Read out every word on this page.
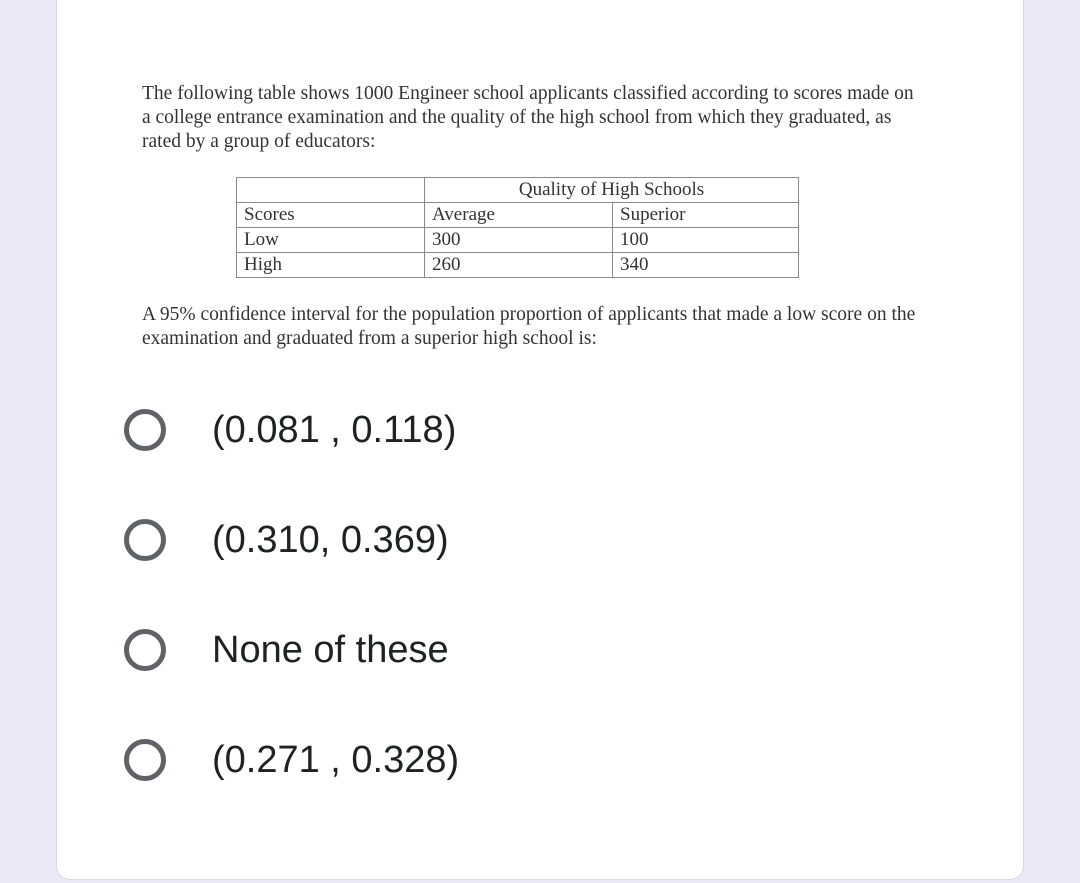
The following table shows 1000 Engineer school applicants classified according to scores made on a college entrance examination and the quality of the high school from which they graduated, as rated by a group of educators:

	Quality of High Schools	
Scores	Average	Superior
Low	300	100
High	260	340

A 95% confidence interval for the population proportion of applicants that made a low score on the examination and graduated from a superior high school is:

(0.081 , 0.118)
(0.310, 0.369)
None of these
(0.271 , 0.328)
